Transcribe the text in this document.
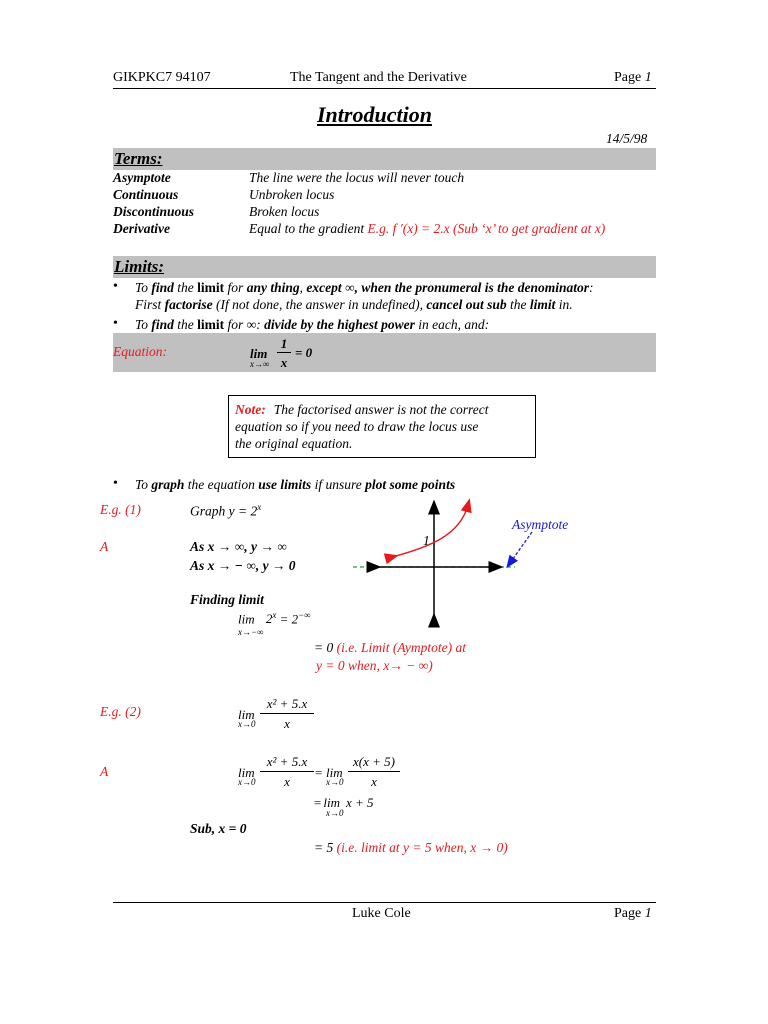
GIKPKC7 94107	The Tangent and the Derivative	Page 1
Introduction
14/5/98
Terms:
Asymptote	The line were the locus will never touch
Continuous	Unbroken locus
Discontinuous	Broken locus
Derivative	Equal to the gradient E.g. f ′(x) = 2.x (Sub ‘x’ to get gradient at x)
Limits:
• To find the limit for any thing, except ∞, when the pronumeral is the denominator:
First factorise (If not done, the answer in undefined), cancel out sub the limit in.
• To find the limit for ∞: divide by the highest power in each, and:
Equation:	lim
x→∞
1
x
= 0
Note: The factorised answer is not the correct
equation so if you need to draw the locus use
the original equation.
• To graph the equation use limits if unsure plot some points
E.g. (1)	Graph $y = 2^x$
A	As x → ∞, y → ∞
As x → − ∞, y → 0
Finding limit
$\lim 2^x = 2^{-\infty}$
x→−∞
= 0 (i.e. Limit (Aymptote) at
y = 0 when, x→ − ∞)
1
Asymptote
E.g. (2)	lim
x→0
x² + 5.x
x
A	lim
x→0
x² + 5.x
x
= lim
x→0
x(x + 5)
x
= lim x + 5
x→0
Sub, x = 0
= 5 (i.e. limit at y = 5 when, x → 0)
Luke Cole	Page 1
